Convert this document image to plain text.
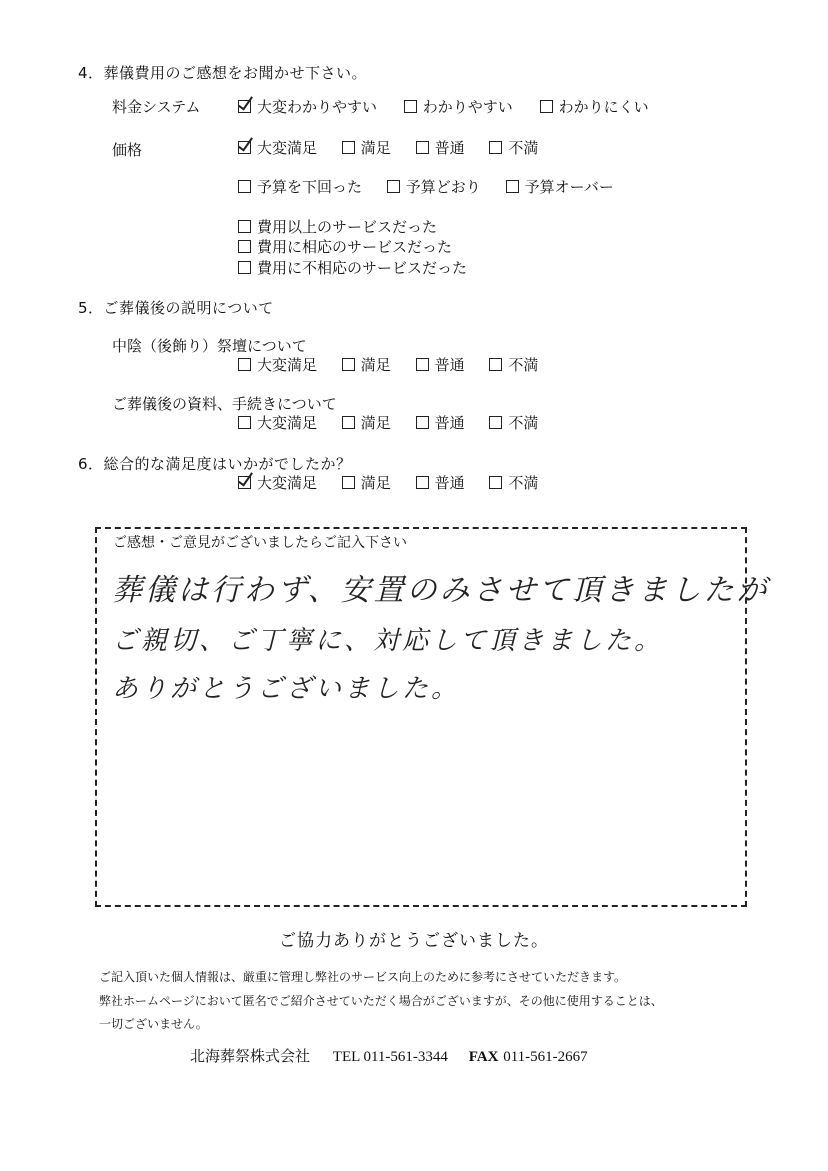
4．葬儀費用のご感想をお聞かせ下さい。
料金システム	大変わかりやすい	わかりやすい	わかりにくい
価格	大変満足	満足	普通	不満
予算を下回った	予算どおり	予算オーバー
費用以上のサービスだった
費用に相応のサービスだった
費用に不相応のサービスだった
5．ご葬儀後の説明について
中陰（後飾り）祭壇について
大変満足	満足	普通	不満
ご葬儀後の資料、手続きについて
大変満足	満足	普通	不満
6．総合的な満足度はいかがでしたか？
大変満足	満足	普通	不満
ご感想・ご意見がございましたらご記入下さい
葬儀は行わず、安置のみさせて頂きましたが
ご親切、ご丁寧に、対応して頂きました。
ありがとうございました。
ご協力ありがとうございました。
ご記入頂いた個人情報は、厳重に管理し弊社のサービス向上のために参考にさせていただきます。
弊社ホームページにおいて匿名でご紹介させていただく場合がございますが、その他に使用することは、
一切ございません。
北海葬祭株式会社 TEL 011-561-3344 FAX 011-561-2667
